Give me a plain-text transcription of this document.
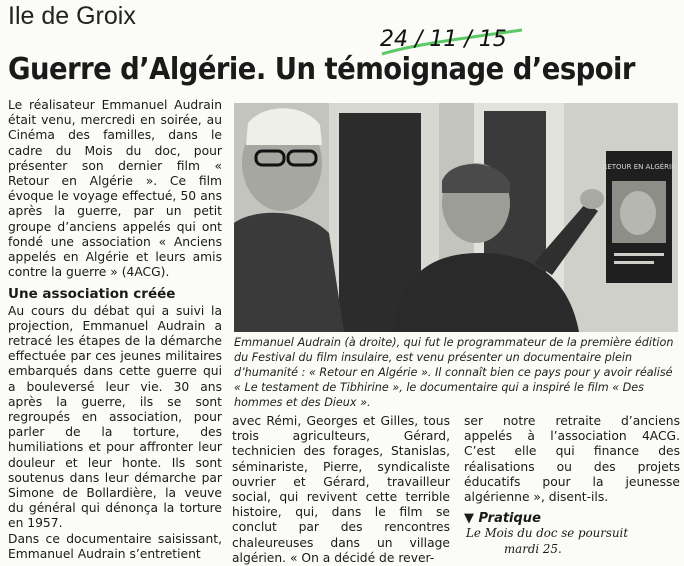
Ile de Groix
24 / 11 / 15
Guerre d’Algérie. Un témoignage d’espoir

Le réalisateur Emmanuel Audrain était venu, mercredi en soirée, au Cinéma des familles, dans le cadre du Mois du doc, pour présenter son dernier film « Retour en Algérie ». Ce film évoque le voyage effectué, 50 ans après la guerre, par un petit groupe d’anciens appelés qui ont fondé une association « Anciens appelés en Algérie et leurs amis contre la guerre » (4ACG).

Une association créée

Au cours du débat qui a suivi la projection, Emmanuel Audrain a retracé les étapes de la démarche effectuée par ces jeunes militaires embarqués dans cette guerre qui a bouleversé leur vie. 30 ans après la guerre, ils se sont regroupés en association, pour parler de la torture, des humiliations et pour affronter leur douleur et leur honte. Ils sont soutenus dans leur démarche par Simone de Bollardière, la veuve du général qui dénonça la torture en 1957.

Dans ce documentaire saisissant, Emmanuel Audrain s’entretient

RETOUR EN ALGÉRIE
Emmanuel Audrain (à droite), qui fut le programmateur de la première édition du Festival du film insulaire, est venu présenter un documentaire plein d’humanité : « Retour en Algérie ». Il connaît bien ce pays pour y avoir réalisé « Le testament de Tibhirine », le documentaire qui a inspiré le film « Des hommes et des Dieux ».

avec Rémi, Georges et Gilles, tous trois agriculteurs, Gérard, technicien des forages, Stanislas, séminariste, Pierre, syndicaliste ouvrier et Gérard, travailleur social, qui revivent cette terrible histoire, qui, dans le film se conclut par des rencontres chaleureuses dans un village algérien. « On a décidé de rever-

ser notre retraite d’anciens appelés à l’association 4ACG. C’est elle qui finance des réalisations ou des projets éducatifs pour la jeunesse algérienne », disent-ils.

▼ Pratique

Le Mois du doc se poursuit

mardi 25.
